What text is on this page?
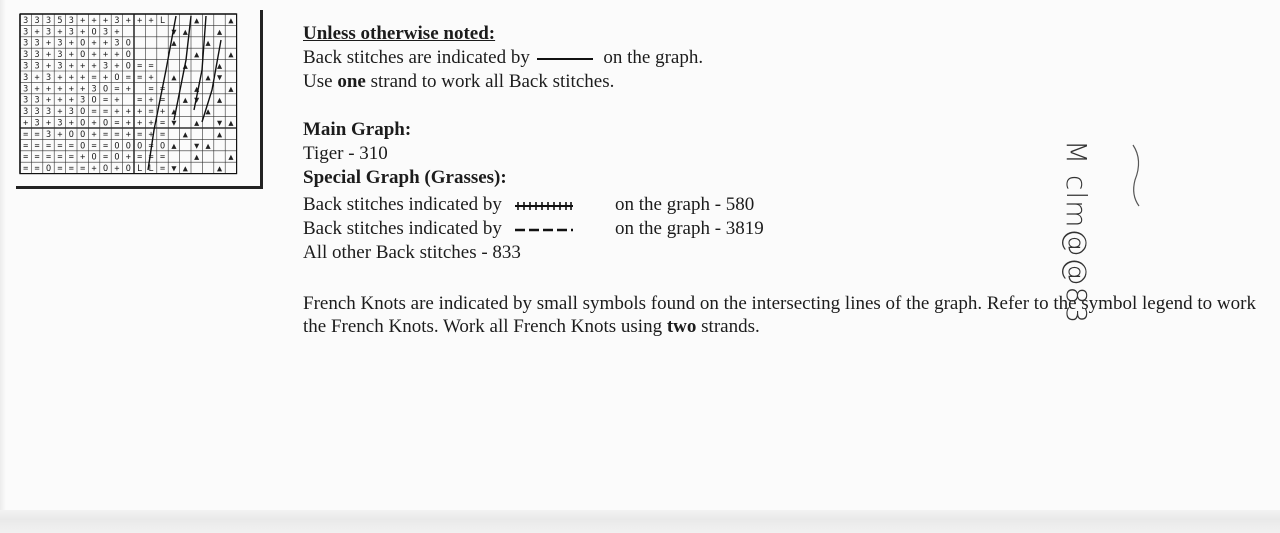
3 3 3 5 3 + + + 3 + + + L	▲	▲
3 + 3 + 3 + O 3 +	▼ ▲	▲
3 3 + 3 + O + + 3 O	▲	▲
3 3 + 3 + O + + + O	▲	▲
3 3 + 3 + + + 3 + O = =	▲	▲
3 + 3 + + + = + O = = + ▲	▲ ▼
3 + + + + + 3 O = + = =	▲	▲
3 3 + + + 3 O = + = + = ▲ ▼ ▲
3 3 3 + 3 O = = + + + = + ▲	▲
+ 3 + 3 + O + O = + + + = ▼ ▲ ▼ ▲
= = 3 + O O + = = + = + = ▲	▲
= = = = = O = = O O O = O ▲ ▼ ▲
= = = = = + O = O + = = =	▲	▲
= = O = = = + O + O L L = ▼ ▲	▲

Unless otherwise noted:

Back stitches are indicated by	on the graph.

Use one strand to work all Back stitches.

Main Graph:

Tiger - 310

Special Graph (Grasses):

Back stitches indicated by	on the graph - 580

Back stitches indicated by	on the graph - 3819

All other Back stitches - 833

French Knots are indicated by small symbols found on the intersecting lines of the graph. Refer to the symbol legend to work the French Knots. Work all French Knots using two strands.

M clm@@83
